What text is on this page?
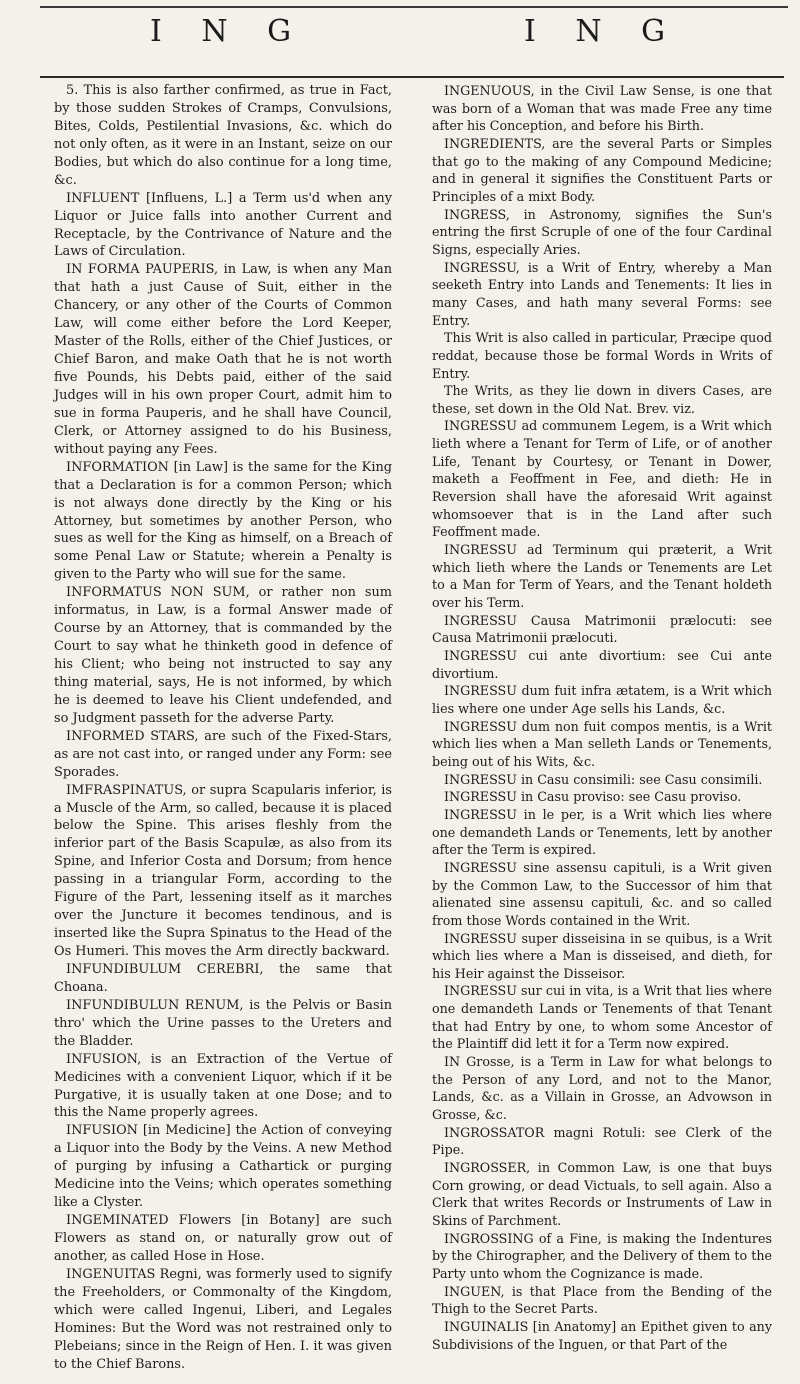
I N G	I N G

5. This is also farther confirmed, as true in Fact, by those sudden Strokes of Cramps, Convulsions, Bites, Colds, Pestilential Invasions, &c. which do not only often, as it were in an Instant, seize on our Bodies, but which do also continue for a long time, &c.

INFLUENT [Influens, L.] a Term us'd when any Liquor or Juice falls into another Current and Receptacle, by the Contrivance of Nature and the Laws of Circulation.

IN FORMA PAUPERIS, in Law, is when any Man that hath a just Cause of Suit, either in the Chancery, or any other of the Courts of Common Law, will come either before the Lord Keeper, Master of the Rolls, either of the Chief Justices, or Chief Baron, and make Oath that he is not worth five Pounds, his Debts paid, either of the said Judges will in his own proper Court, admit him to sue in forma Pauperis, and he shall have Council, Clerk, or Attorney assigned to do his Business, without paying any Fees.

INFORMATION [in Law] is the same for the King that a Declaration is for a common Person; which is not always done directly by the King or his Attorney, but sometimes by another Person, who sues as well for the King as himself, on a Breach of some Penal Law or Statute; wherein a Penalty is given to the Party who will sue for the same.

INFORMATUS NON SUM, or rather non sum informatus, in Law, is a formal Answer made of Course by an Attorney, that is commanded by the Court to say what he thinketh good in defence of his Client; who being not instructed to say any thing material, says, He is not informed, by which he is deemed to leave his Client undefended, and so Judgment passeth for the adverse Party.

INFORMED STARS, are such of the Fixed-Stars, as are not cast into, or ranged under any Form: see Sporades.

IMFRASPINATUS, or supra Scapularis inferior, is a Muscle of the Arm, so called, because it is placed below the Spine. This arises fleshly from the inferior part of the Basis Scapulæ, as also from its Spine, and Inferior Costa and Dorsum; from hence passing in a triangular Form, according to the Figure of the Part, lessening itself as it marches over the Juncture it becomes tendinous, and is inserted like the Supra Spinatus to the Head of the Os Humeri. This moves the Arm directly backward.

INFUNDIBULUM CEREBRI, the same that Choana.

INFUNDIBULUN RENUM, is the Pelvis or Basin thro' which the Urine passes to the Ureters and the Bladder.

INFUSION, is an Extraction of the Vertue of Medicines with a convenient Liquor, which if it be Purgative, it is usually taken at one Dose; and to this the Name properly agrees.

INFUSION [in Medicine] the Action of conveying a Liquor into the Body by the Veins. A new Method of purging by infusing a Cathartick or purging Medicine into the Veins; which operates something like a Clyster.

INGEMINATED Flowers [in Botany] are such Flowers as stand on, or naturally grow out of another, as called Hose in Hose.

INGENUITAS Regni, was formerly used to signify the Freeholders, or Commonalty of the Kingdom, which were called Ingenui, Liberi, and Legales Homines: But the Word was not restrained only to Plebeians; since in the Reign of Hen. I. it was given to the Chief Barons.

INGENUOUS, in the Civil Law Sense, is one that was born of a Woman that was made Free any time after his Conception, and before his Birth.

INGREDIENTS, are the several Parts or Simples that go to the making of any Compound Medicine; and in general it signifies the Constituent Parts or Principles of a mixt Body.

INGRESS, in Astronomy, signifies the Sun's entring the first Scruple of one of the four Cardinal Signs, especially Aries.

INGRESSU, is a Writ of Entry, whereby a Man seeketh Entry into Lands and Tenements: It lies in many Cases, and hath many several Forms: see Entry.

This Writ is also called in particular, Præcipe quod reddat, because those be formal Words in Writs of Entry.

The Writs, as they lie down in divers Cases, are these, set down in the Old Nat. Brev. viz.

INGRESSU ad communem Legem, is a Writ which lieth where a Tenant for Term of Life, or of another Life, Tenant by Courtesy, or Tenant in Dower, maketh a Feoffment in Fee, and dieth: He in Reversion shall have the aforesaid Writ against whomsoever that is in the Land after such Feoffment made.

INGRESSU ad Terminum qui præterit, a Writ which lieth where the Lands or Tenements are Let to a Man for Term of Years, and the Tenant holdeth over his Term.

INGRESSU Causa Matrimonii prælocuti: see Causa Matrimonii prælocuti.

INGRESSU cui ante divortium: see Cui ante divortium.

INGRESSU dum fuit infra ætatem, is a Writ which lies where one under Age sells his Lands, &c.

INGRESSU dum non fuit compos mentis, is a Writ which lies when a Man selleth Lands or Tenements, being out of his Wits, &c.

INGRESSU in Casu consimili: see Casu consimili.

INGRESSU in Casu proviso: see Casu proviso.

INGRESSU in le per, is a Writ which lies where one demandeth Lands or Tenements, lett by another after the Term is expired.

INGRESSU sine assensu capituli, is a Writ given by the Common Law, to the Successor of him that alienated sine assensu capituli, &c. and so called from those Words contained in the Writ.

INGRESSU super disseisina in se quibus, is a Writ which lies where a Man is disseised, and dieth, for his Heir against the Disseisor.

INGRESSU sur cui in vita, is a Writ that lies where one demandeth Lands or Tenements of that Tenant that had Entry by one, to whom some Ancestor of the Plaintiff did lett it for a Term now expired.

IN Grosse, is a Term in Law for what belongs to the Person of any Lord, and not to the Manor, Lands, &c. as a Villain in Grosse, an Advowson in Grosse, &c.

INGROSSATOR magni Rotuli: see Clerk of the Pipe.

INGROSSER, in Common Law, is one that buys Corn growing, or dead Victuals, to sell again. Also a Clerk that writes Records or Instruments of Law in Skins of Parchment.

INGROSSING of a Fine, is making the Indentures by the Chirographer, and the Delivery of them to the Party unto whom the Cognizance is made.

INGUEN, is that Place from the Bending of the Thigh to the Secret Parts.

INGUINALIS [in Anatomy] an Epithet given to any Subdivisions of the Inguen, or that Part of the
